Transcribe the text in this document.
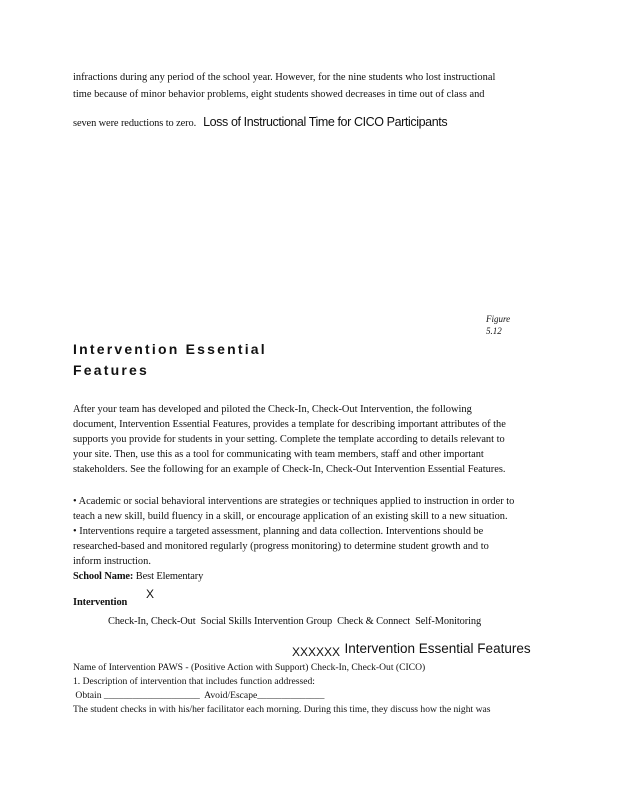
infractions during any period of the school year. However, for the nine students who lost instructional
time because of minor behavior problems, eight students showed decreases in time out of class and
seven were reductions to zero. Loss of Instructional Time for CICO Participants
Figure
5.12
Intervention Essential
Features
After your team has developed and piloted the Check-In, Check-Out Intervention, the following
document, Intervention Essential Features, provides a template for describing important attributes of the
supports you provide for students in your setting. Complete the template according to details relevant to
your site. Then, use this as a tool for communicating with team members, staff and other important
stakeholders. See the following for an example of Check-In, Check-Out Intervention Essential Features.
• Academic or social behavioral interventions are strategies or techniques applied to instruction in order to
teach a new skill, build fluency in a skill, or encourage application of an existing skill to a new situation.
• Interventions require a targeted assessment, planning and data collection. Interventions should be
researched-based and monitored regularly (progress monitoring) to determine student growth and to
inform instruction.
School Name: Best Elementary
Intervention
X
Check-In, Check-Out Social Skills Intervention Group Check & Connect Self-Monitoring
XXXXXX Intervention Essential Features
Name of Intervention PAWS - (Positive Action with Support) Check-In, Check-Out (CICO)
1. Description of intervention that includes function addressed:
Obtain ____________________ Avoid/Escape______________
The student checks in with his/her facilitator each morning. During this time, they discuss how the night was
